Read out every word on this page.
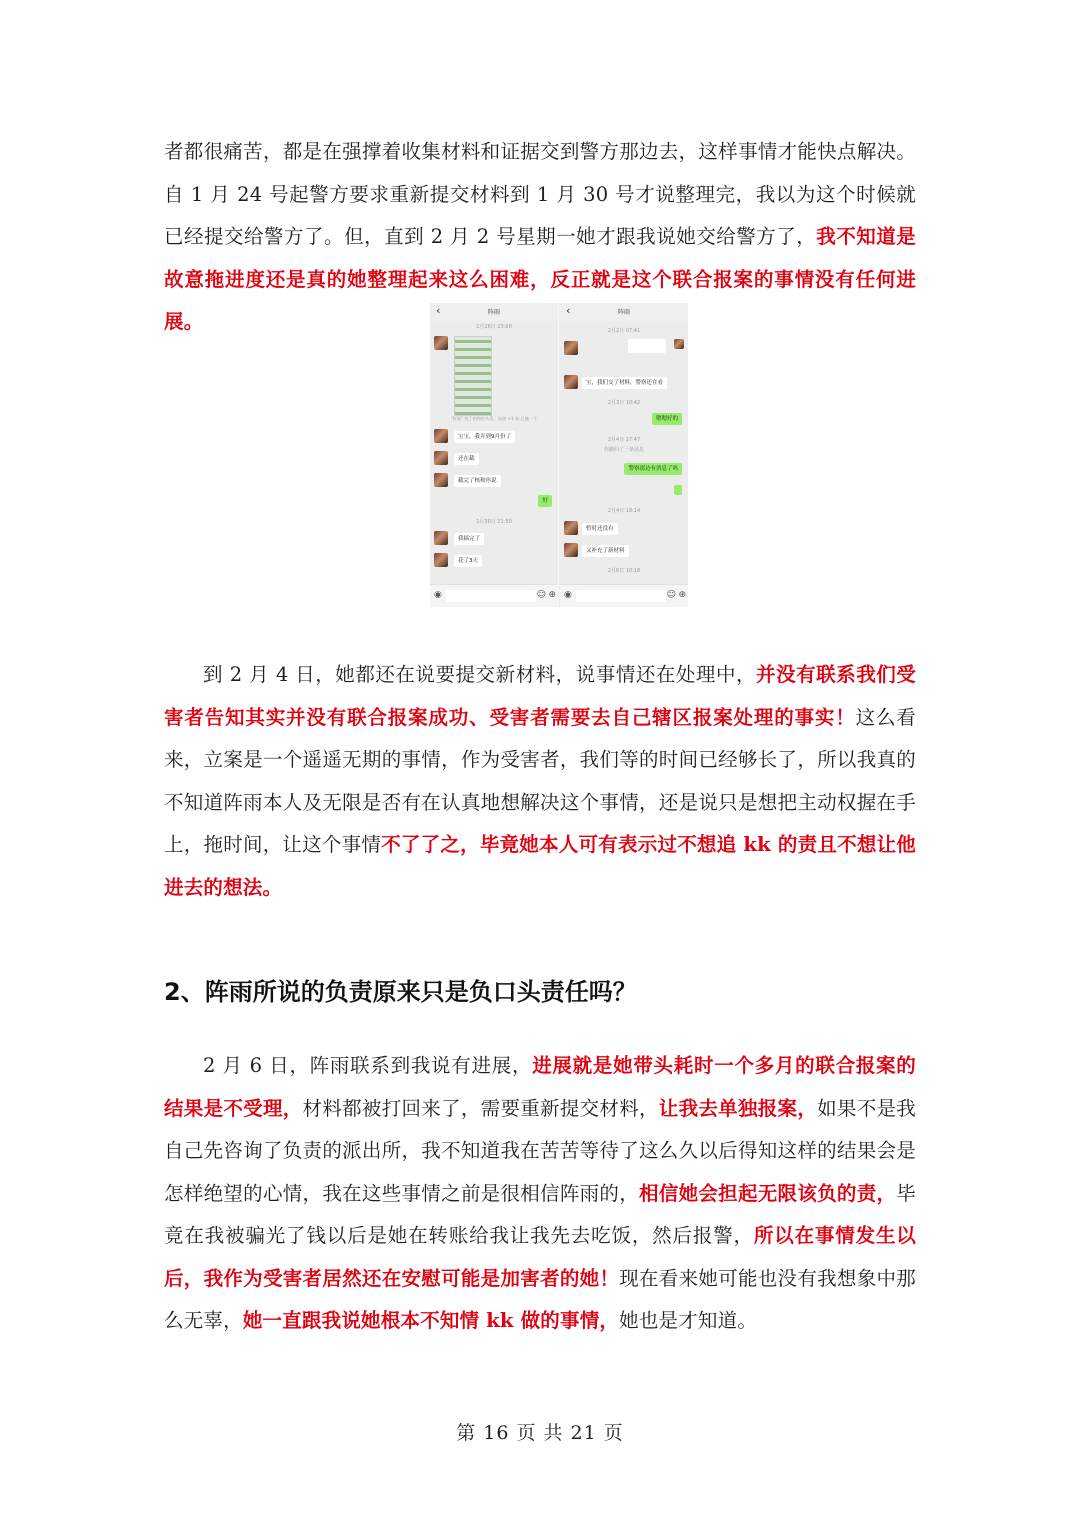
者都很痛苦，都是在强撑着收集材料和证据交到警方那边去，这样事情才能快点解决。自 1 月 24 号起警方要求重新提交材料到 1 月 30 号才说整理完，我以为这个时候就已经提交给警方了。但，直到 2 月 2 号星期一她才跟我说她交给警方了，我不知道是故意拖进度还是真的她整理起来这么困难，反正就是这个联合报案的事情没有任何进展。	‹	阵雨
1月26日 23:00
"阵雨" 拍了拍你的头发，加油 +1 家 已撤一个
宝宝，我弄到9月份了
还在截
截完了核和你说
好
1月30日 21:50
我搞完了
花了3天
◉	☺ ⊕
‹	阵雨
2月2日 07:41
宝，我们交了材料，警察还在看
2月3日 10:42
嗯嗯好的
2月4日 17:47
你撤回了一条消息
警察那边有消息了吗
2月4日 18:14
暂时还没有
又补充了新材料
2月6日 10:18
◉	☺ ⊕
到 2 月 4 日，她都还在说要提交新材料，说事情还在处理中，并没有联系我们受害者告知其实并没有联合报案成功、受害者需要去自己辖区报案处理的事实！这么看来，立案是一个遥遥无期的事情，作为受害者，我们等的时间已经够长了，所以我真的不知道阵雨本人及无限是否有在认真地想解决这个事情，还是说只是想把主动权握在手上，拖时间，让这个事情不了了之，毕竟她本人可有表示过不想追 kk 的责且不想让他进去的想法。
2、阵雨所说的负责原来只是负口头责任吗？
2 月 6 日，阵雨联系到我说有进展，进展就是她带头耗时一个多月的联合报案的结果是不受理，材料都被打回来了，需要重新提交材料，让我去单独报案，如果不是我自己先咨询了负责的派出所，我不知道我在苦苦等待了这么久以后得知这样的结果会是怎样绝望的心情，我在这些事情之前是很相信阵雨的，相信她会担起无限该负的责，毕竟在我被骗光了钱以后是她在转账给我让我先去吃饭，然后报警，所以在事情发生以后，我作为受害者居然还在安慰可能是加害者的她！现在看来她可能也没有我想象中那么无辜，她一直跟我说她根本不知情 kk 做的事情，她也是才知道。
第 16 页 共 21 页
